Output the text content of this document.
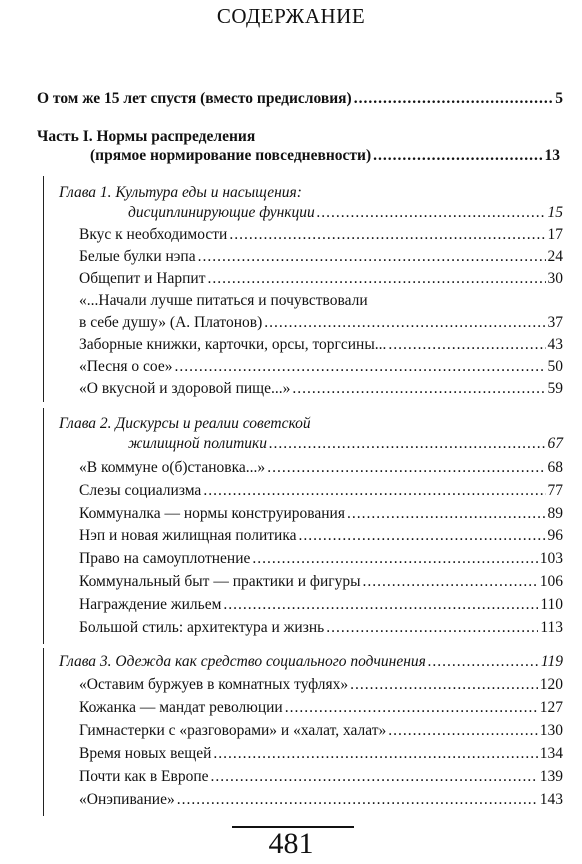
СОДЕРЖАНИЕ
О том же 15 лет спустя (вместо предисловия) .....	5
Часть I. Нормы распределения
(прямое нормирование повседневности) .....	13
Глава 1. Культура еды и насыщения:
дисциплинирующие функции .....	15
Вкус к необходимости .....	17
Белые булки нэпа .....	24
Общепит и Нарпит .....	30
«...Начали лучше питаться и почувствовали
в себе душу» (А. Платонов) .....	37
Заборные книжки, карточки, орсы, торгсины... .....	43
«Песня о сое» .....	50
«О вкусной и здоровой пище...» .....	59
Глава 2. Дискурсы и реалии советской
жилищной политики .....	67
«В коммуне о(б)становка...» .....	68
Слезы социализма .....	77
Коммуналка — нормы конструирования .....	89
Нэп и новая жилищная политика .....	96
Право на самоуплотнение .....	103
Коммунальный быт — практики и фигуры .....	106
Награждение жильем .....	110
Большой стиль: архитектура и жизнь .....	113
Глава 3. Одежда как средство социального подчинения .....	119
«Оставим буржуев в комнатных туфлях» .....	120
Кожанка — мандат революции .....	127
Гимнастерки с «разговорами» и «халат, халат» .....	130
Время новых вещей .....	134
Почти как в Европе .....	139
«Онэпивание» .....	143
481
